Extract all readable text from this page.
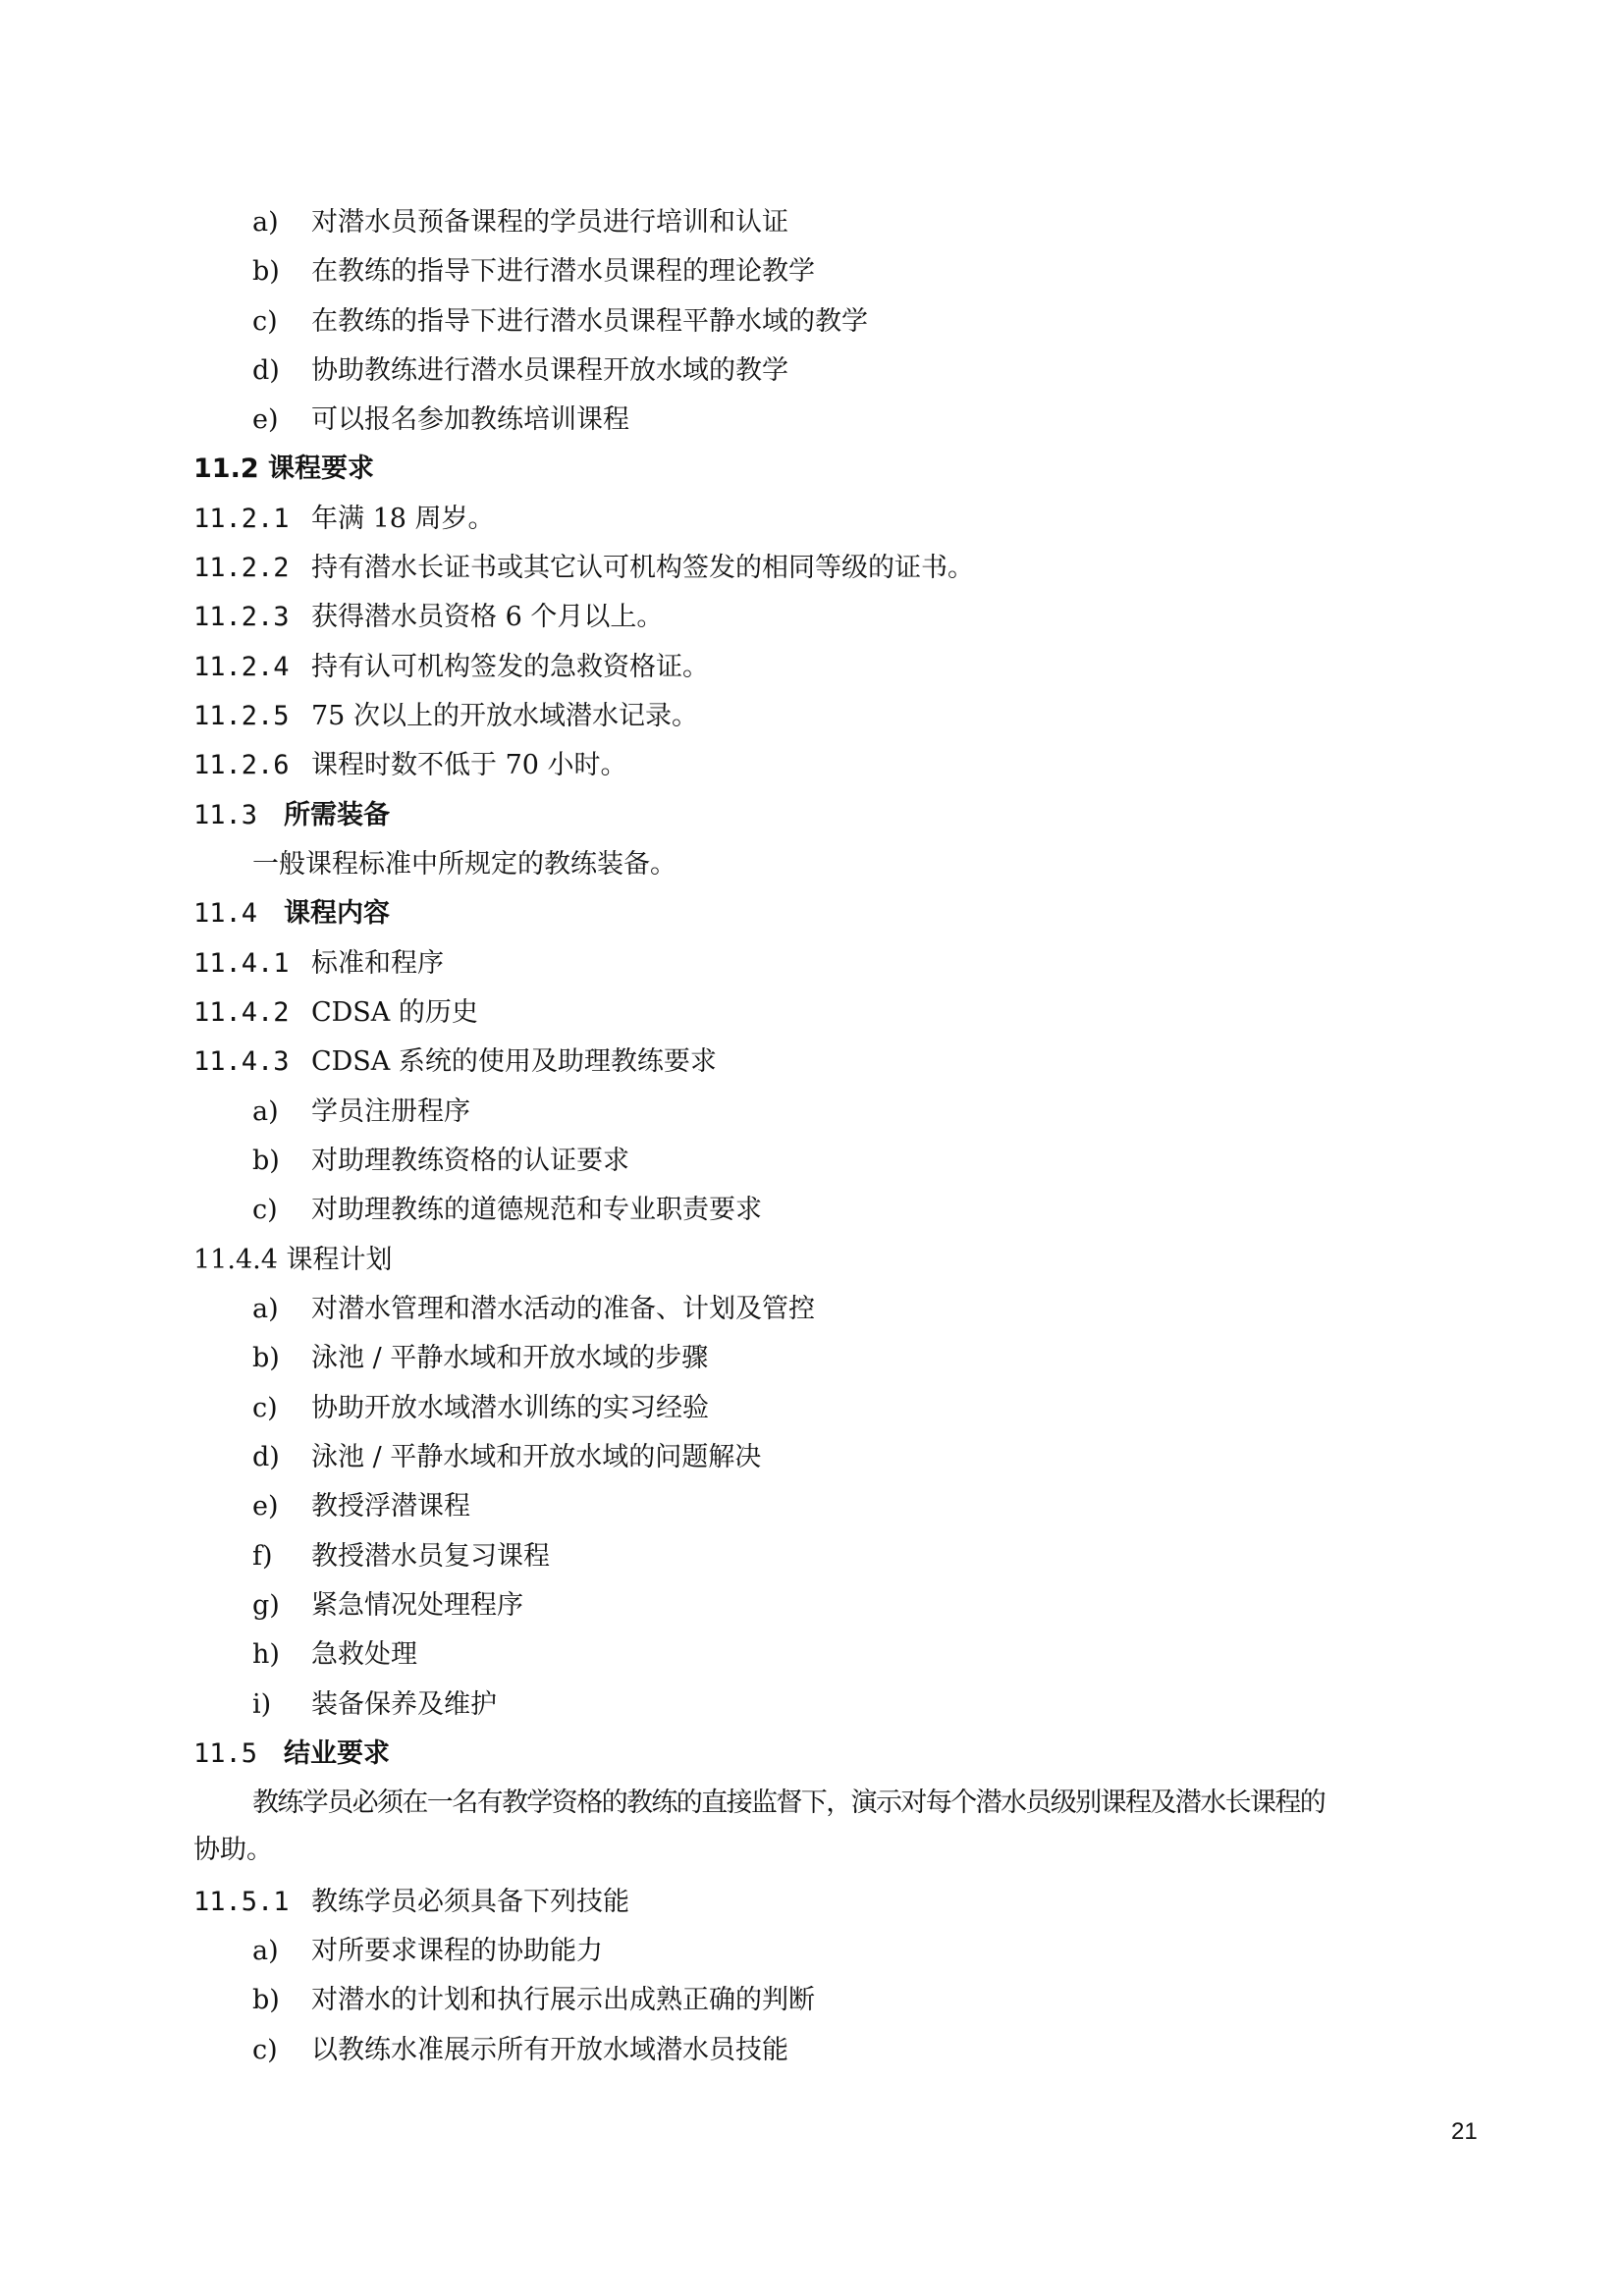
a) 对潜水员预备课程的学员进行培训和认证
b) 在教练的指导下进行潜水员课程的理论教学
c) 在教练的指导下进行潜水员课程平静水域的教学
d) 协助教练进行潜水员课程开放水域的教学
e) 可以报名参加教练培训课程
11.2 课程要求
11.2.1 年满 18 周岁。
11.2.2 持有潜水长证书或其它认可机构签发的相同等级的证书。
11.2.3 获得潜水员资格 6 个月以上。
11.2.4 持有认可机构签发的急救资格证。
11.2.5 75 次以上的开放水域潜水记录。
11.2.6 课程时数不低于 70 小时。
11.3 所需装备
一般课程标准中所规定的教练装备。
11.4 课程内容
11.4.1 标准和程序
11.4.2 CDSA 的历史
11.4.3 CDSA 系统的使用及助理教练要求
a) 学员注册程序
b) 对助理教练资格的认证要求
c) 对助理教练的道德规范和专业职责要求
11.4.4 课程计划
a) 对潜水管理和潜水活动的准备、计划及管控
b) 泳池 / 平静水域和开放水域的步骤
c) 协助开放水域潜水训练的实习经验
d) 泳池 / 平静水域和开放水域的问题解决
e) 教授浮潜课程
f) 教授潜水员复习课程
g) 紧急情况处理程序
h) 急救处理
i) 装备保养及维护
11.5 结业要求
教练学员必须在一名有教学资格的教练的直接监督下，演示对每个潜水员级别课程及潜水长课程的
协助。
11.5.1 教练学员必须具备下列技能
a) 对所要求课程的协助能力
b) 对潜水的计划和执行展示出成熟正确的判断
c) 以教练水准展示所有开放水域潜水员技能
21
